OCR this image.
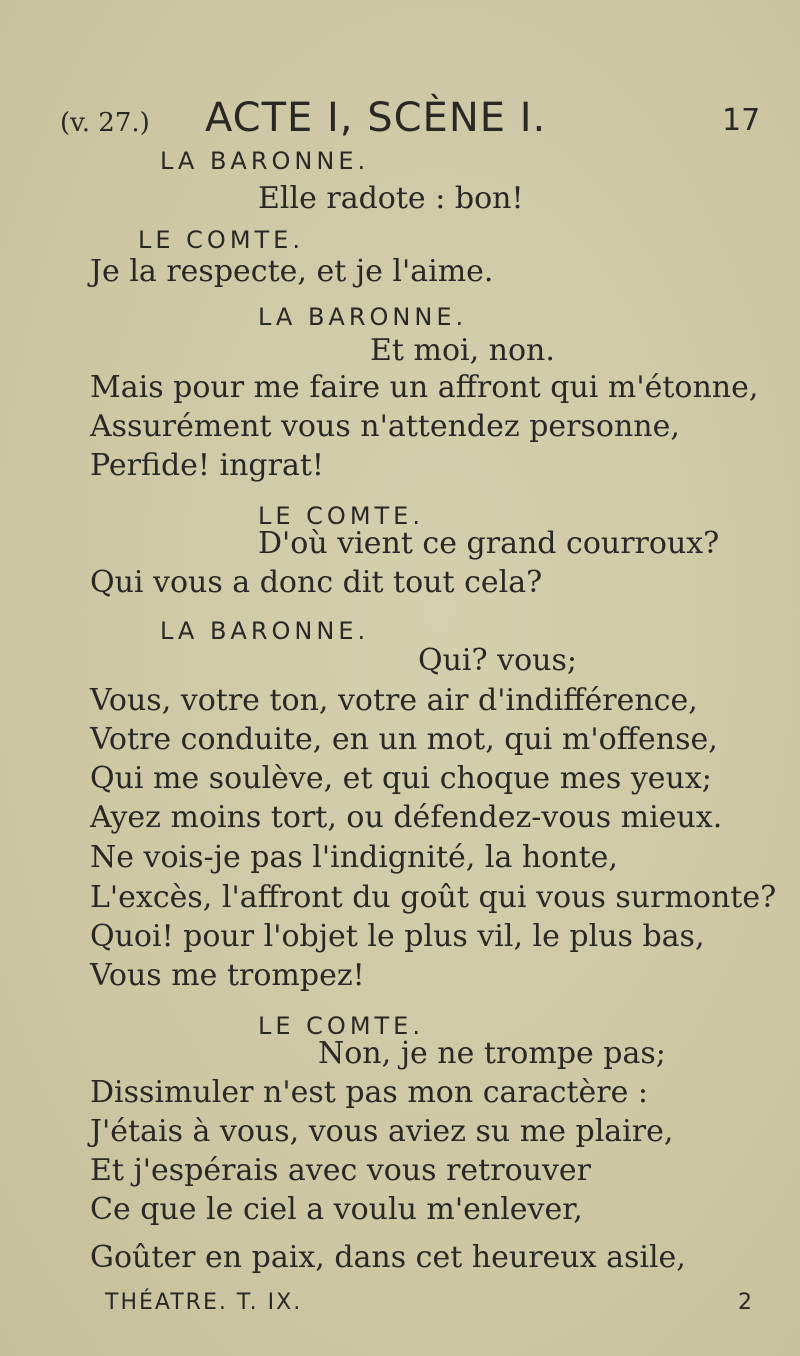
(v. 27.) ACTE I, SCÈNE I.	17
LA BARONNE.
Elle radote : bon!
LE COMTE.
Je la respecte, et je l'aime.
LA BARONNE.
Et moi, non.
Mais pour me faire un affront qui m'étonne,
Assurément vous n'attendez personne,
Perfide! ingrat!
LE COMTE.
D'où vient ce grand courroux?
Qui vous a donc dit tout cela?
LA BARONNE.
Qui? vous;
Vous, votre ton, votre air d'indifférence,
Votre conduite, en un mot, qui m'offense,
Qui me soulève, et qui choque mes yeux;
Ayez moins tort, ou défendez-vous mieux.
Ne vois-je pas l'indignité, la honte,
L'excès, l'affront du goût qui vous surmonte?
Quoi! pour l'objet le plus vil, le plus bas,
Vous me trompez!
LE COMTE.
Non, je ne trompe pas;
Dissimuler n'est pas mon caractère :
J'étais à vous, vous aviez su me plaire,
Et j'espérais avec vous retrouver
Ce que le ciel a voulu m'enlever,
Goûter en paix, dans cet heureux asile,
THÉATRE. T. IX.	2
